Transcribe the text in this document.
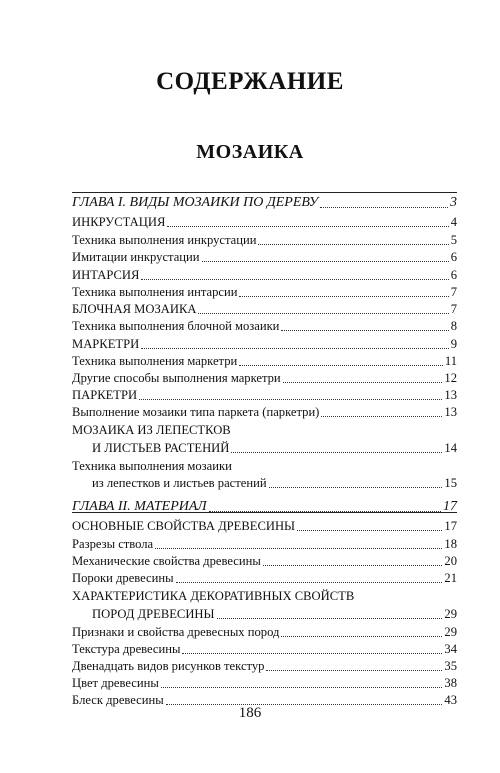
СОДЕРЖАНИЕ
МОЗАИКА
ГЛАВА I. ВИДЫ МОЗАИКИ ПО ДЕРЕВУ	3
ИНКРУСТАЦИЯ	4
Техника выполнения инкрустации	5
Имитации инкрустации	6
ИНТАРСИЯ	6
Техника выполнения интарсии	7
БЛОЧНАЯ МОЗАИКА	7
Техника выполнения блочной мозаики	8
МАРКЕТРИ	9
Техника выполнения маркетри	11
Другие способы выполнения маркетри	12
ПАРКЕТРИ	13
Выполнение мозаики типа паркета (паркетри)	13
МОЗАИКА ИЗ ЛЕПЕСТКОВ
И ЛИСТЬЕВ РАСТЕНИЙ	14
Техника выполнения мозаики
из лепестков и листьев растений	15
ГЛАВА II. МАТЕРИАЛ	17
ОСНОВНЫЕ СВОЙСТВА ДРЕВЕСИНЫ	17
Разрезы ствола	18
Механические свойства древесины	20
Пороки древесины	21
ХАРАКТЕРИСТИКА ДЕКОРАТИВНЫХ СВОЙСТВ
ПОРОД ДРЕВЕСИНЫ	29
Признаки и свойства древесных пород	29
Текстура древесины	34
Двенадцать видов рисунков текстур	35
Цвет древесины	38
Блеск древесины	43
186
